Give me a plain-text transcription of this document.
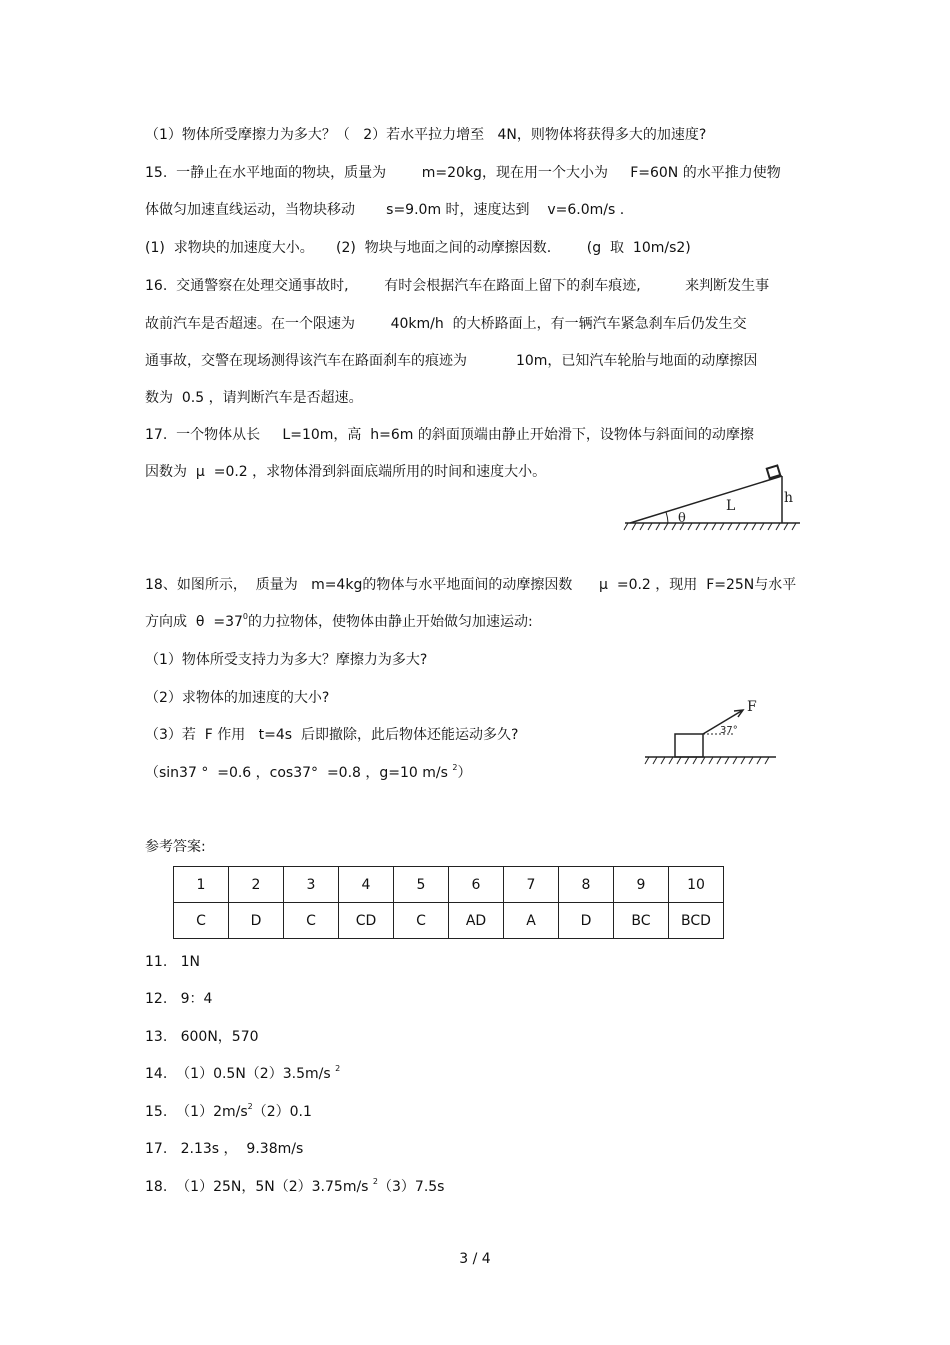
（1）物体所受摩擦力为多大？（   2）若水平拉力增至   4N，则物体将获得多大的加速度?
15.  一静止在水平地面的物块，质量为        m=20kg，现在用一个大小为     F=60N 的水平推力使物
体做匀加速直线运动，当物块移动       s=9.0m 时，速度达到    v=6.0m/s .
(1)  求物块的加速度大小。     (2)  物块与地面之间的动摩擦因数.        (g  取  10m/s2)
16.  交通警察在处理交通事故时,        有时会根据汽车在路面上留下的刹车痕迹,          来判断发生事
故前汽车是否超速。在一个限速为        40km/h  的大桥路面上，有一辆汽车紧急刹车后仍发生交
通事故，交警在现场测得该汽车在路面刹车的痕迹为           10m，已知汽车轮胎与地面的动摩擦因
数为  0.5 ，请判断汽车是否超速。
17.  一个物体从长     L=10m，高  h=6m 的斜面顶端由静止开始滑下，设物体与斜面间的动摩擦
因数为  μ  =0.2 ，求物体滑到斜面底端所用的时间和速度大小。
θ
L	h
18、如图所示，  质量为   m=4kg的物体与水平地面间的动摩擦因数      μ  =0.2 ，现用  F=25N与水平
方向成  $\theta =37^0$的力拉物体，使物体由静止开始做匀加速运动:
（1）物体所受支持力为多大？摩擦力为多大?
（2）求物体的加速度的大小?
（3）若  F 作用   t=4s  后即撤除，此后物体还能运动多久?
（sin37 °  =0.6 ，cos37°  =0.8 ，g=10 m/s $^2$）
F
37°
参考答案:
1	2	3	4	5	6	7	8	9	10
C	D	C	CD	C	AD	A	D	BC	BCD
11.   1N
12.   9：4
13.   600N，570
14.  （1）0.5N（2）3.5m/s $^2$
15.  $(1)2m/s^2(2)0.1$
17.   2.13s ，  9.38m/s
18.  （1）25N，5N（2）3.75m/s $^2$（3）7.5s
3 / 4
